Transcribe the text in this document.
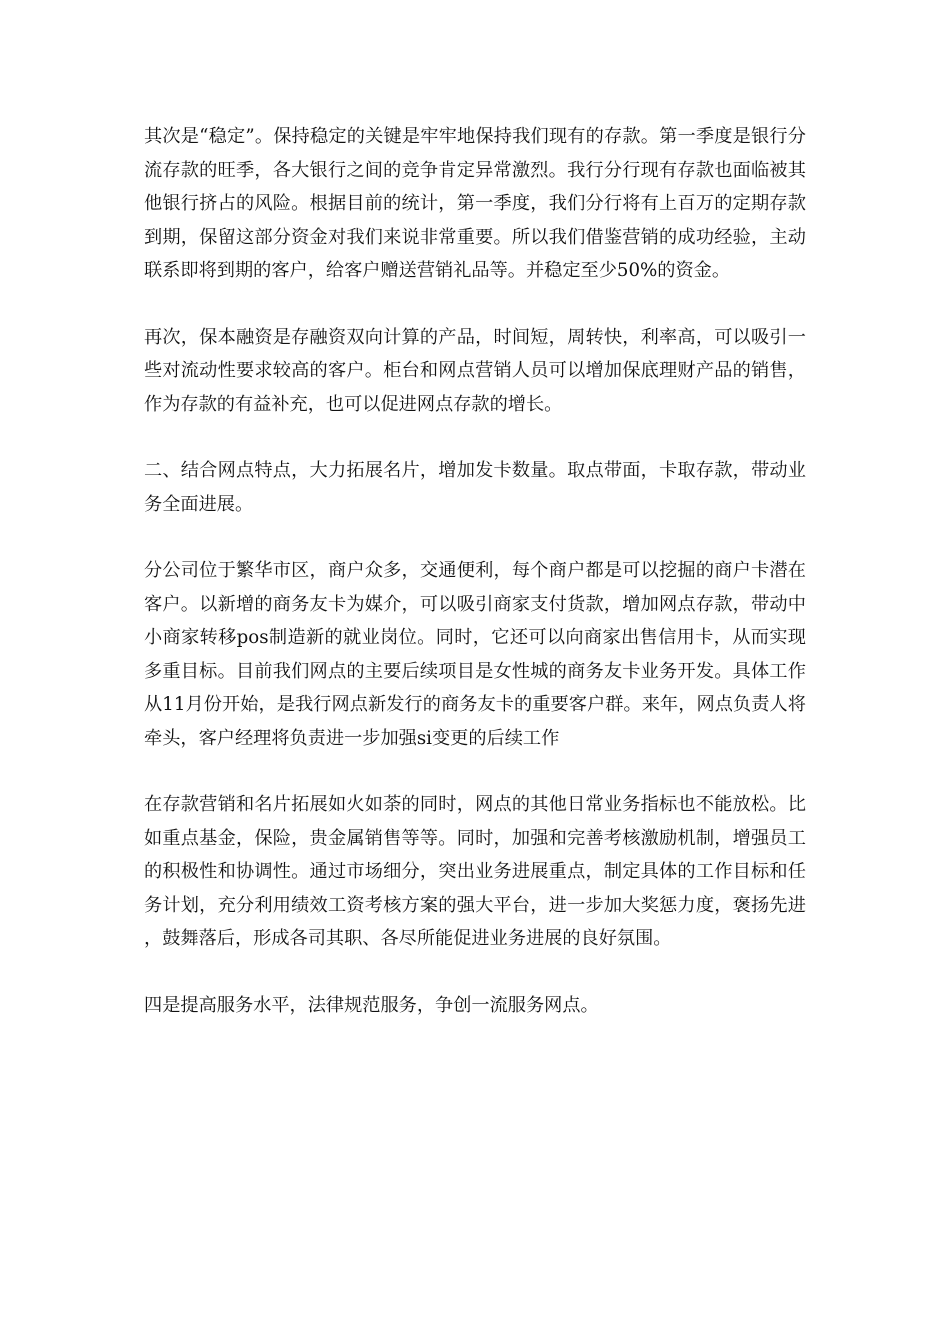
其次是“稳定”。保持稳定的关键是牢牢地保持我们现有的存款。第一季度是银行分流存款的旺季，各大银行之间的竞争肯定异常激烈。我行分行现有存款也面临被其他银行挤占的风险。根据目前的统计，第一季度，我们分行将有上百万的定期存款到期，保留这部分资金对我们来说非常重要。所以我们借鉴营销的成功经验，主动联系即将到期的客户，给客户赠送营销礼品等。并稳定至少50%的资金。

再次，保本融资是存融资双向计算的产品，时间短，周转快，利率高，可以吸引一些对流动性要求较高的客户。柜台和网点营销人员可以增加保底理财产品的销售，作为存款的有益补充，也可以促进网点存款的增长。

二、结合网点特点，大力拓展名片，增加发卡数量。取点带面，卡取存款，带动业务全面进展。

分公司位于繁华市区，商户众多，交通便利，每个商户都是可以挖掘的商户卡潜在客户。以新增的商务友卡为媒介，可以吸引商家支付货款，增加网点存款，带动中小商家转移pos制造新的就业岗位。同时，它还可以向商家出售信用卡，从而实现多重目标。目前我们网点的主要后续项目是女性城的商务友卡业务开发。具体工作从11月份开始，是我行网点新发行的商务友卡的重要客户群。来年，网点负责人将牵头，客户经理将负责进一步加强si变更的后续工作

在存款营销和名片拓展如火如荼的同时，网点的其他日常业务指标也不能放松。比如重点基金，保险，贵金属销售等等。同时，加强和完善考核激励机制，增强员工的积极性和协调性。通过市场细分，突出业务进展重点，制定具体的工作目标和任务计划，充分利用绩效工资考核方案的强大平台，进一步加大奖惩力度，褒扬先进，鼓舞落后，形成各司其职、各尽所能促进业务进展的良好氛围。

四是提高服务水平，法律规范服务，争创一流服务网点。
